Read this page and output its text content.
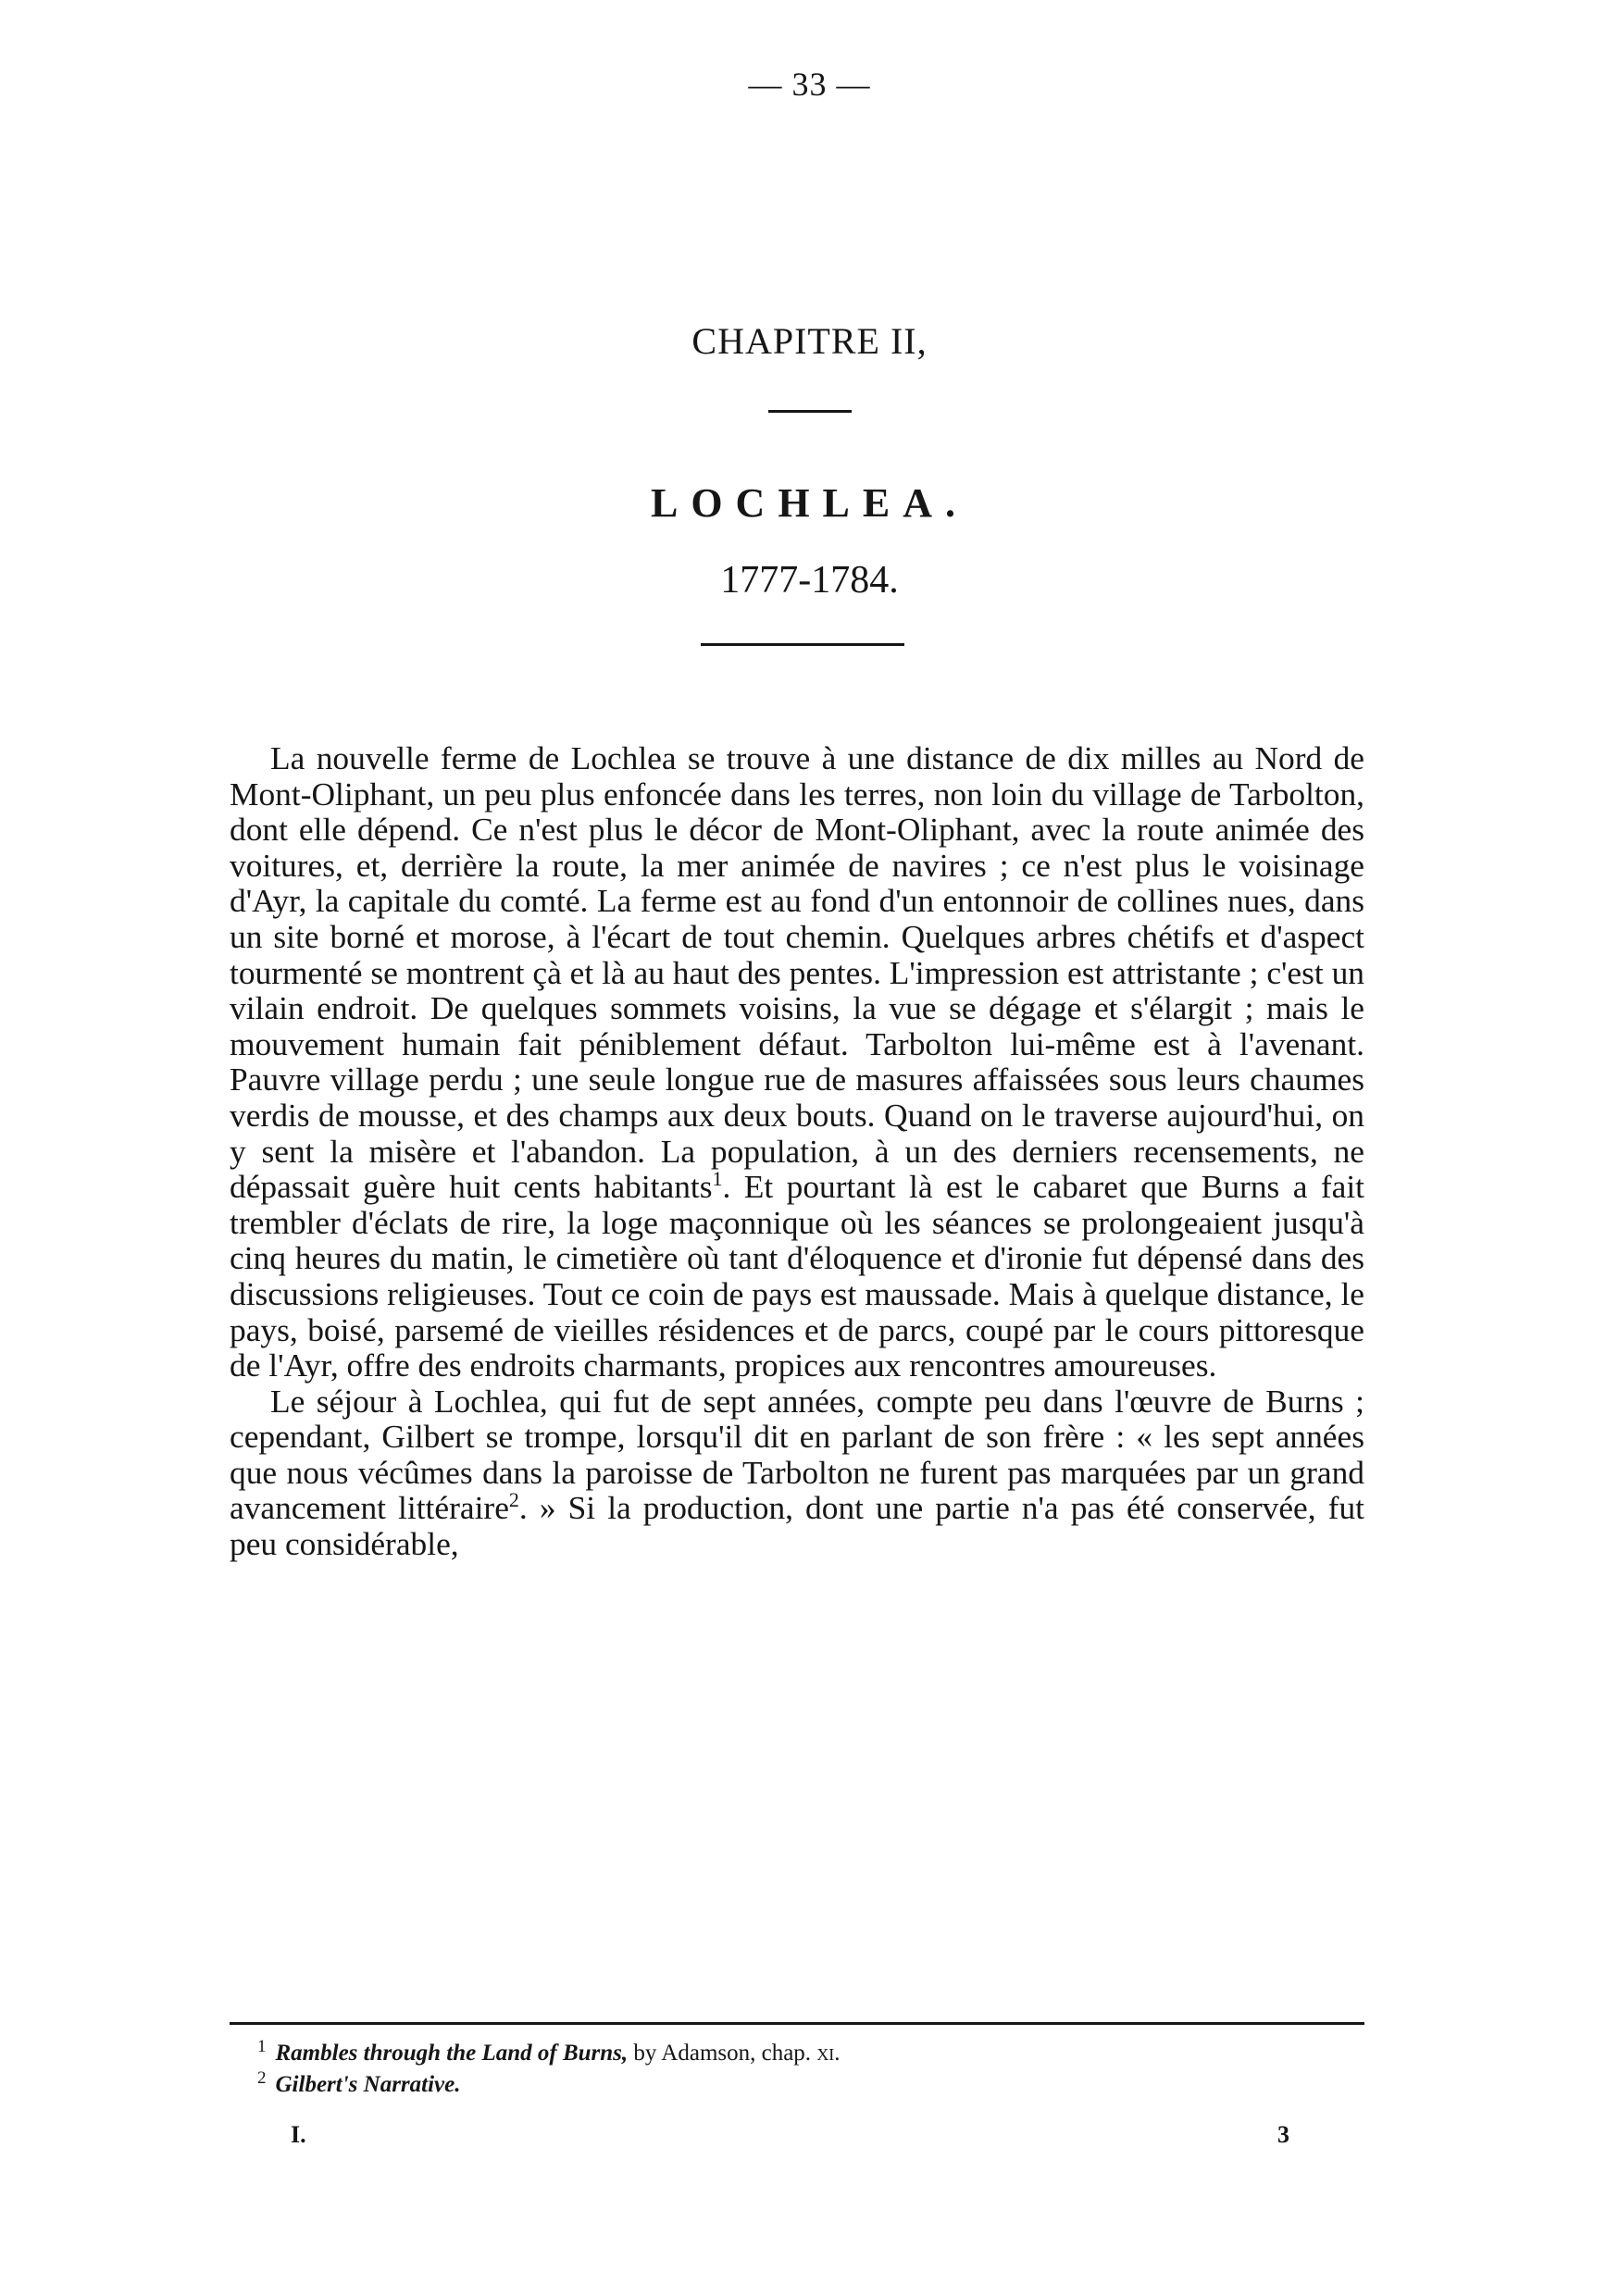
— 33 —
CHAPITRE II,
LOCHLEA.
1777-1784.

La nouvelle ferme de Lochlea se trouve à une distance de dix milles au Nord de Mont-Oliphant, un peu plus enfoncée dans les terres, non loin du village de Tarbolton, dont elle dépend. Ce n'est plus le décor de Mont-Oliphant, avec la route animée des voitures, et, derrière la route, la mer animée de navires ; ce n'est plus le voisinage d'Ayr, la capitale du comté. La ferme est au fond d'un entonnoir de collines nues, dans un site borné et morose, à l'écart de tout chemin. Quelques arbres chétifs et d'aspect tourmenté se montrent çà et là au haut des pentes. L'impression est attristante ; c'est un vilain endroit. De quelques sommets voisins, la vue se dégage et s'élargit ; mais le mouvement humain fait péniblement défaut. Tarbolton lui-même est à l'avenant. Pauvre village perdu ; une seule longue rue de masures affaissées sous leurs chaumes verdis de mousse, et des champs aux deux bouts. Quand on le traverse aujourd'hui, on y sent la misère et l'abandon. La population, à un des derniers recensements, ne dépassait guère huit cents habitants$^1$. Et pourtant là est le cabaret que Burns a fait trembler d'éclats de rire, la loge maçonnique où les séances se prolongeaient jusqu'à cinq heures du matin, le cimetière où tant d'éloquence et d'ironie fut dépensé dans des discussions religieuses. Tout ce coin de pays est maussade. Mais à quelque distance, le pays, boisé, parsemé de vieilles résidences et de parcs, coupé par le cours pittoresque de l'Ayr, offre des endroits charmants, propices aux rencontres amoureuses.

Le séjour à Lochlea, qui fut de sept années, compte peu dans l'œuvre de Burns ; cependant, Gilbert se trompe, lorsqu'il dit en parlant de son frère : « les sept années que nous vécûmes dans la paroisse de Tarbolton ne furent pas marquées par un grand avancement littéraire$^2$. » Si la production, dont une partie n'a pas été conservée, fut peu considérable,

$^1$ Rambles through the Land of Burns, by Adamson, chap. xi.
$^2$ Gilbert's Narrative.
I.	3
